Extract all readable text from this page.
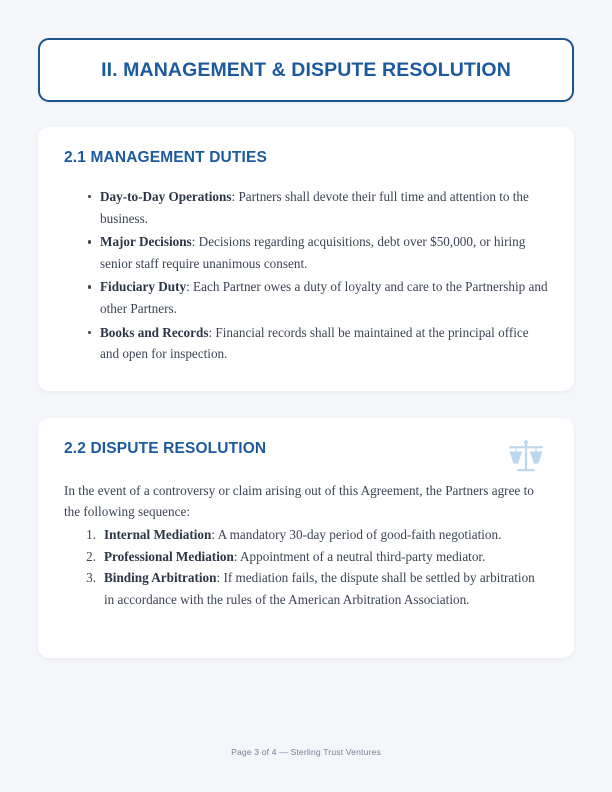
II. MANAGEMENT & DISPUTE RESOLUTION
2.1 MANAGEMENT DUTIES
Day-to-Day Operations: Partners shall devote their full time and attention to the business.
Major Decisions: Decisions regarding acquisitions, debt over $50,000, or hiring senior staff require unanimous consent.
Fiduciary Duty: Each Partner owes a duty of loyalty and care to the Partnership and other Partners.
Books and Records: Financial records shall be maintained at the principal office and open for inspection.
2.2 DISPUTE RESOLUTION

In the event of a controversy or claim arising out of this Agreement, the Partners agree to the following sequence:

Internal Mediation: A mandatory 30-day period of good-faith negotiation.
Professional Mediation: Appointment of a neutral third-party mediator.
Binding Arbitration: If mediation fails, the dispute shall be settled by arbitration in accordance with the rules of the American Arbitration Association.
Page 3 of 4 — Sterling Trust Ventures
